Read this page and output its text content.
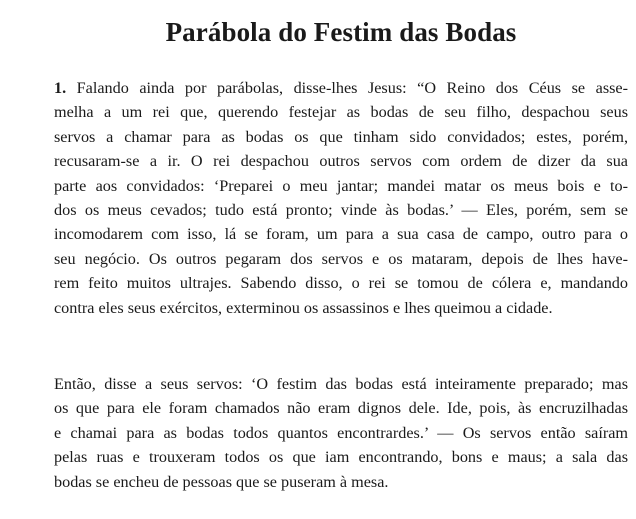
Parábola do Festim das Bodas

1. Falando ainda por parábolas, disse-lhes Jesus: “O Reino dos Céus se asse-
melha a um rei que, querendo festejar as bodas de seu filho, despachou seus
servos a chamar para as bodas os que tinham sido convidados; estes, porém,
recusaram-se a ir. O rei despachou outros servos com ordem de dizer da sua
parte aos convidados: ‘Preparei o meu jantar; mandei matar os meus bois e to-
dos os meus cevados; tudo está pronto; vinde às bodas.’ — Eles, porém, sem se
incomodarem com isso, lá se foram, um para a sua casa de campo, outro para o
seu negócio. Os outros pegaram dos servos e os mataram, depois de lhes have-
rem feito muitos ultrajes. Sabendo disso, o rei se tomou de cólera e, mandando
contra eles seus exércitos, exterminou os assassinos e lhes queimou a cidade.

Então, disse a seus servos: ‘O festim das bodas está inteiramente preparado; mas
os que para ele foram chamados não eram dignos dele. Ide, pois, às encruzilhadas
e chamai para as bodas todos quantos encontrardes.’ — Os servos então saíram
pelas ruas e trouxeram todos os que iam encontrando, bons e maus; a sala das
bodas se encheu de pessoas que se puseram à mesa.
